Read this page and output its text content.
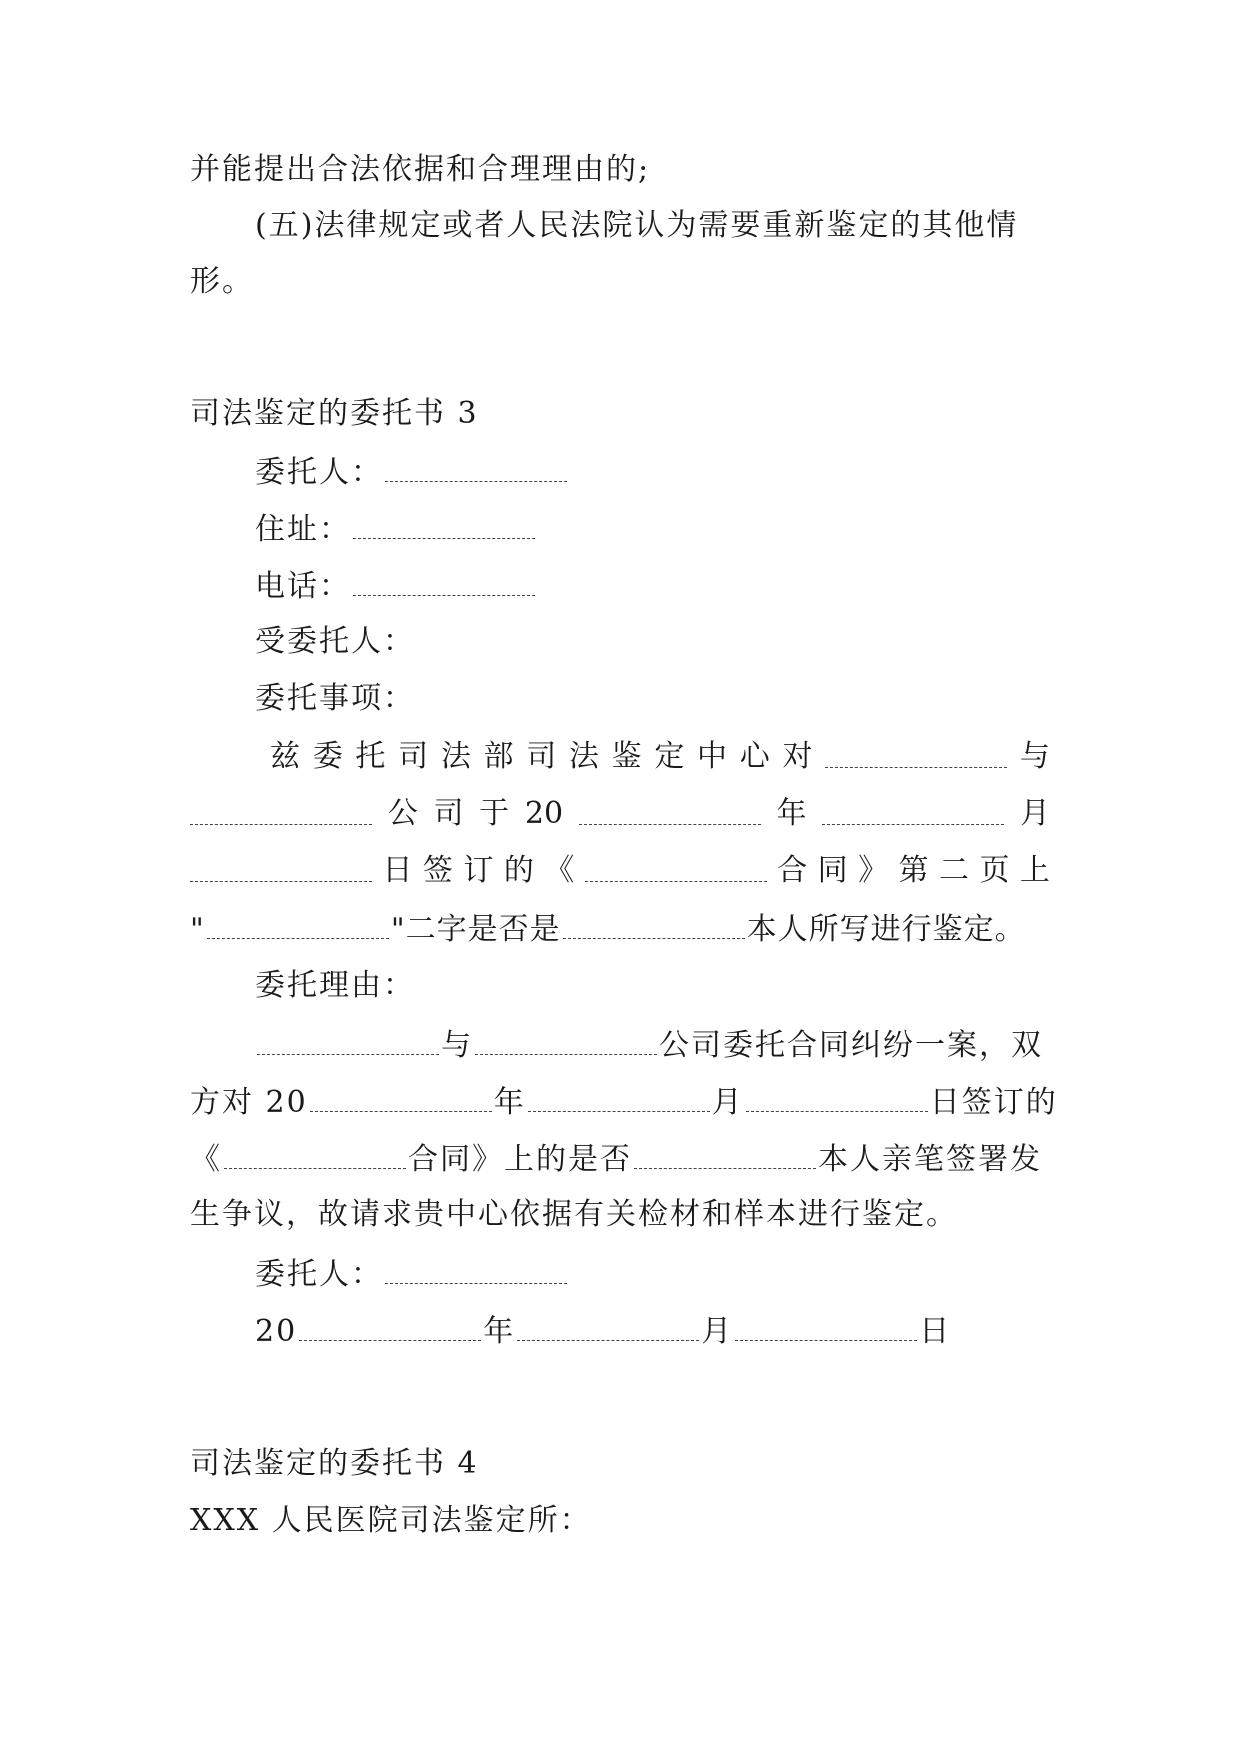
并能提出合法依据和合理理由的;
(五)法律规定或者人民法院认为需要重新鉴定的其他情
形。
司法鉴定的委托书 3
委托人：
住址：
电话：
受委托人：
委托事项：
兹 委 托 司 法 部 司 法 鉴 定 中 心 对	与
公 司 于 20	年	月
日 签 订 的 《	合 同 》 第 二 页 上
"	"二字是否是	本人所写进行鉴定。
委托理由：
与	公司委托合同纠纷一案，双
方对 20	年	月	日签订的
《	合同》上的是否	本人亲笔签署发
生争议，故请求贵中心依据有关检材和样本进行鉴定。
委托人：
20	年	月	日
司法鉴定的委托书 4
XXX 人民医院司法鉴定所：
